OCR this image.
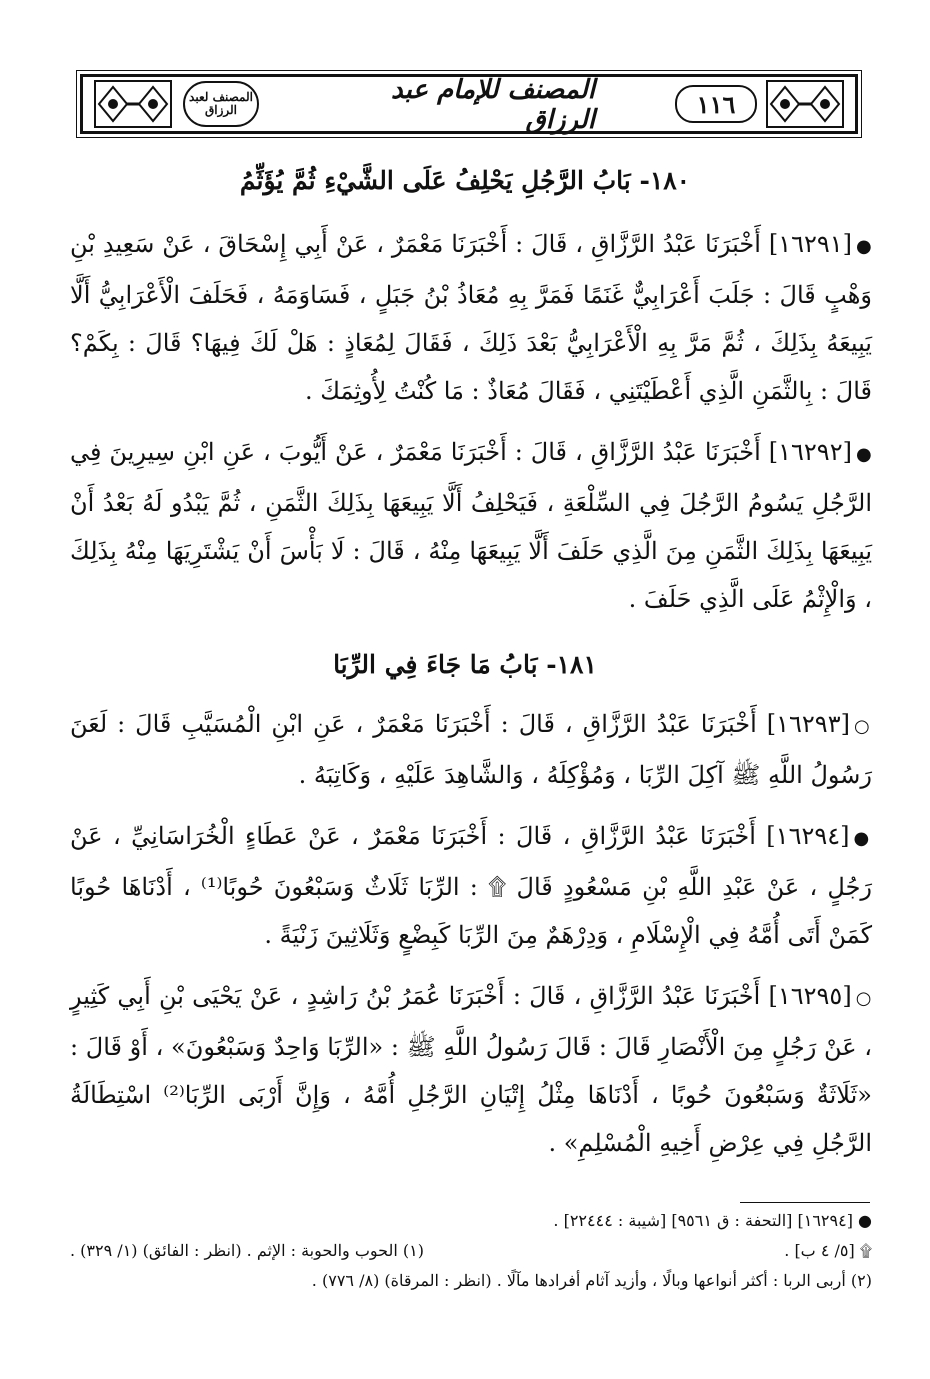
١١٦
المصنف للإمام عبد الرزاق
المصنف لعبد الرزاق
١٨٠- بَابُ الرَّجُلِ يَحْلِفُ عَلَى الشَّيْءِ ثُمَّ يُؤَثِّمُ
●[١٦٢٩١] أَخْبَرَنَا عَبْدُ الرَّزَّاقِ ، قَالَ : أَخْبَرَنَا مَعْمَرٌ ، عَنْ أَبِي إِسْحَاقَ ، عَنْ سَعِيدِ بْنِ وَهْبٍ قَالَ : جَلَبَ أَعْرَابِيٌّ غَنَمًا فَمَرَّ بِهِ مُعَاذُ بْنُ جَبَلٍ ، فَسَاوَمَهُ ، فَحَلَفَ الْأَعْرَابِيُّ أَلَّا يَبِيعَهُ بِذَلِكَ ، ثُمَّ مَرَّ بِهِ الْأَعْرَابِيُّ بَعْدَ ذَلِكَ ، فَقَالَ لِمُعَاذٍ : هَلْ لَكَ فِيهَا؟ قَالَ : بِكَمْ؟ قَالَ : بِالثَّمَنِ الَّذِي أَعْطَيْتَنِي ، فَقَالَ مُعَاذٌ : مَا كُنْتُ لِأُوثِمَكَ .
●[١٦٢٩٢] أَخْبَرَنَا عَبْدُ الرَّزَّاقِ ، قَالَ : أَخْبَرَنَا مَعْمَرٌ ، عَنْ أَيُّوبَ ، عَنِ ابْنِ سِيرِينَ فِي الرَّجُلِ يَسُومُ الرَّجُلَ فِي السِّلْعَةِ ، فَيَحْلِفُ أَلَّا يَبِيعَهَا بِذَلِكَ الثَّمَنِ ، ثُمَّ يَبْدُو لَهُ بَعْدُ أَنْ يَبِيعَهَا بِذَلِكَ الثَّمَنِ مِنَ الَّذِي حَلَفَ أَلَّا يَبِيعَهَا مِنْهُ ، قَالَ : لَا بَأْسَ أَنْ يَشْتَرِيَهَا مِنْهُ بِذَلِكَ ، وَالْإِثْمُ عَلَى الَّذِي حَلَفَ .
١٨١- بَابُ مَا جَاءَ فِي الرِّبَا
○[١٦٢٩٣] أَخْبَرَنَا عَبْدُ الرَّزَّاقِ ، قَالَ : أَخْبَرَنَا مَعْمَرٌ ، عَنِ ابْنِ الْمُسَيَّبِ قَالَ : لَعَنَ رَسُولُ اللَّهِ ﷺ آكِلَ الرِّبَا ، وَمُؤْكِلَهُ ، وَالشَّاهِدَ عَلَيْهِ ، وَكَاتِبَهُ .
●[١٦٢٩٤] أَخْبَرَنَا عَبْدُ الرَّزَّاقِ ، قَالَ : أَخْبَرَنَا مَعْمَرٌ ، عَنْ عَطَاءٍ الْخُرَاسَانِيِّ ، عَنْ رَجُلٍ ، عَنْ عَبْدِ اللَّهِ بْنِ مَسْعُودٍ قَالَ ۩ : الرِّبَا ثَلَاثٌ وَسَبْعُونَ حُوبًا⁽¹⁾ ، أَدْنَاهَا حُوبًا كَمَنْ أَتَى أُمَّهُ فِي الْإِسْلَامِ ، وَدِرْهَمٌ مِنَ الرِّبَا كَبِضْعٍ وَثَلَاثِينَ زَنْيَةً .
○[١٦٢٩٥] أَخْبَرَنَا عَبْدُ الرَّزَّاقِ ، قَالَ : أَخْبَرَنَا عُمَرُ بْنُ رَاشِدٍ ، عَنْ يَحْيَى بْنِ أَبِي كَثِيرٍ ، عَنْ رَجُلٍ مِنَ الْأَنْصَارِ قَالَ : قَالَ رَسُولُ اللَّهِ ﷺ : «الرِّبَا وَاحِدٌ وَسَبْعُونَ» ، أَوْ قَالَ : «ثَلَاثَةٌ وَسَبْعُونَ حُوبًا ، أَدْنَاهَا مِثْلُ إِتْيَانِ الرَّجُلِ أُمَّهُ ، وَإِنَّ أَرْبَى الرِّبَا⁽²⁾ اسْتِطَالَةُ الرَّجُلِ فِي عِرْضِ أَخِيهِ الْمُسْلِمِ» .
● [١٦٢٩٤] [التحفة : ق ٩٥٦١] [شيبة : ٢٢٤٤٤] .
۩ [٥/ ٤ ب] .
(١) الحوب والحوبة : الإثم . (انظر : الفائق) (١/ ٣٢٩) .
(٢) أربى الربا : أكثر أنواعها وبالًا ، وأزيد آثام أفرادها مآلًا . (انظر : المرقاة) (٨/ ٧٧٦) .
